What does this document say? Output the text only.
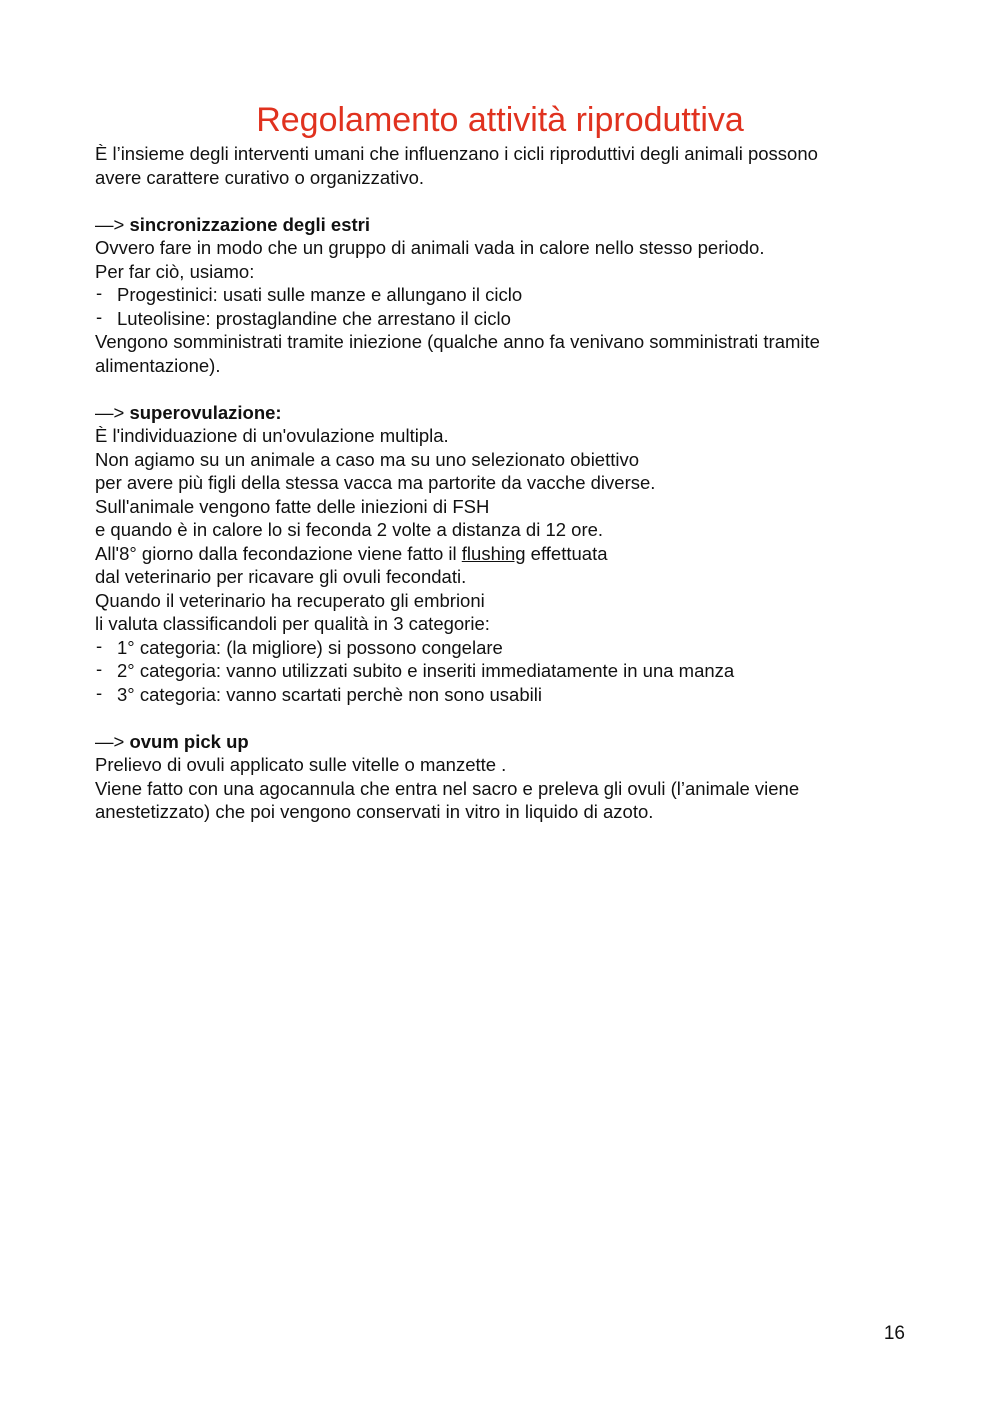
Regolamento attività riproduttiva

È l’insieme degli interventi umani che influenzano i cicli riproduttivi degli animali possono

avere carattere curativo o organizzativo.

—> sincronizzazione degli estri

Ovvero fare in modo che un gruppo di animali vada in calore nello stesso periodo.

Per far ciò, usiamo:

- Progestinici: usati sulle manze e allungano il ciclo

- Luteolisine: prostaglandine che arrestano il ciclo

Vengono somministrati tramite iniezione (qualche anno fa venivano somministrati tramite

alimentazione).

—> superovulazione:

È l'individuazione di un'ovulazione multipla.

Non agiamo su un animale a caso ma su uno selezionato obiettivo

per avere più figli della stessa vacca ma partorite da vacche diverse.

Sull'animale vengono fatte delle iniezioni di FSH

e quando è in calore lo si feconda 2 volte a distanza di 12 ore.

All'8° giorno dalla fecondazione viene fatto il flushing effettuata

dal veterinario per ricavare gli ovuli fecondati.

Quando il veterinario ha recuperato gli embrioni

li valuta classificandoli per qualità in 3 categorie:

- 1° categoria: (la migliore) si possono congelare

- 2° categoria: vanno utilizzati subito e inseriti immediatamente in una manza

- 3° categoria: vanno scartati perchè non sono usabili

—> ovum pick up

Prelievo di ovuli applicato sulle vitelle o manzette .

Viene fatto con una agocannula che entra nel sacro e preleva gli ovuli (l’animale viene

anestetizzato) che poi vengono conservati in vitro in liquido di azoto.

16
